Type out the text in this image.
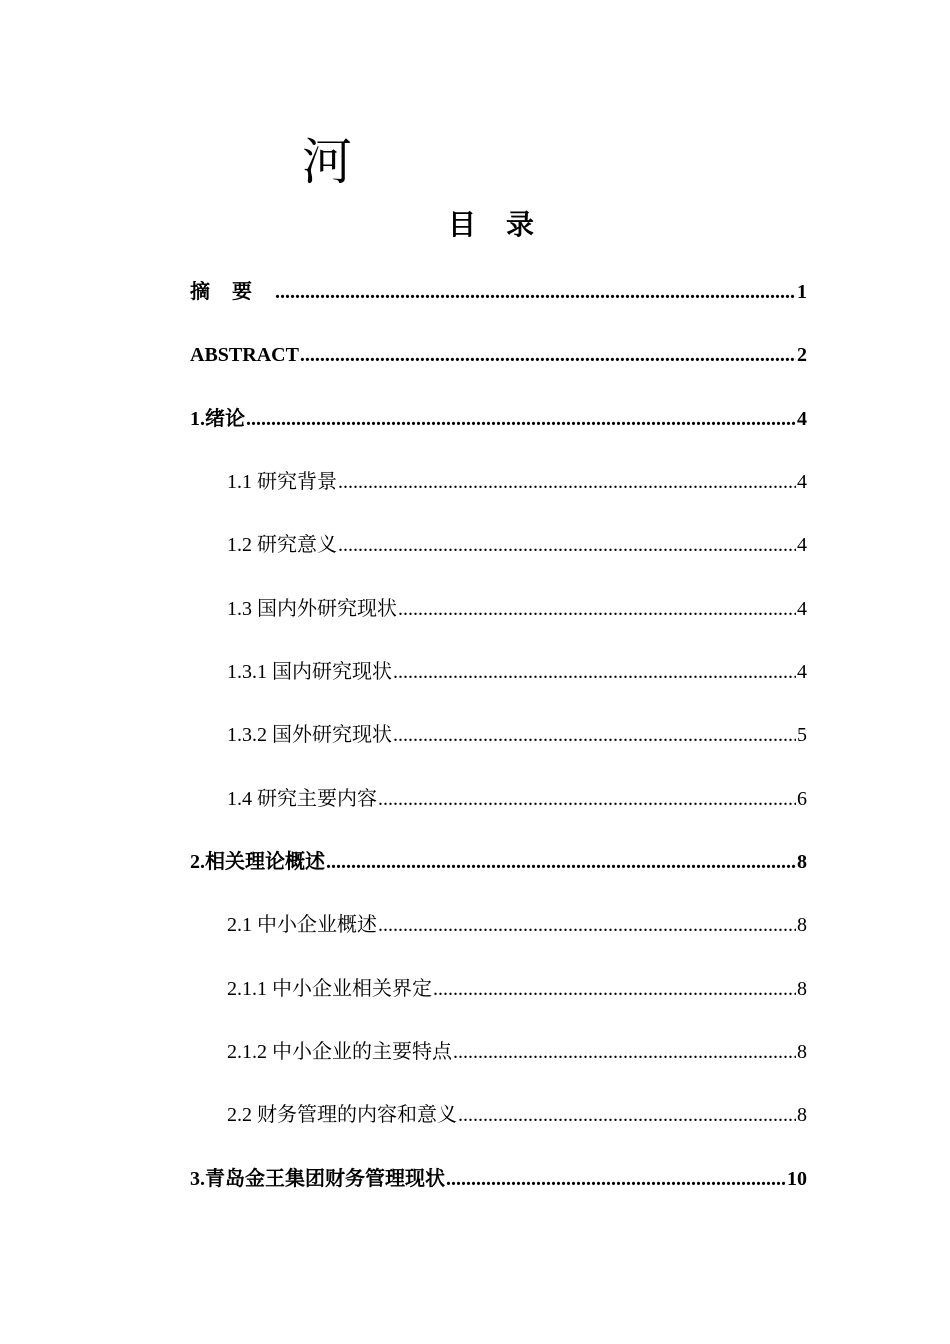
河
目录
摘要 .....	1
ABSTRACT .....	2
1.绪论 .....	4
1.1 研究背景 .....	4
1.2 研究意义 .....	4
1.3 国内外研究现状 .....	4
1.3.1 国内研究现状 .....	4
1.3.2 国外研究现状 .....	5
1.4 研究主要内容 .....	6
2.相关理论概述 .....	8
2.1 中小企业概述 .....	8
2.1.1 中小企业相关界定 .....	8
2.1.2 中小企业的主要特点 .....	8
2.2 财务管理的内容和意义 .....	8
3.青岛金王集团财务管理现状 .....	10
